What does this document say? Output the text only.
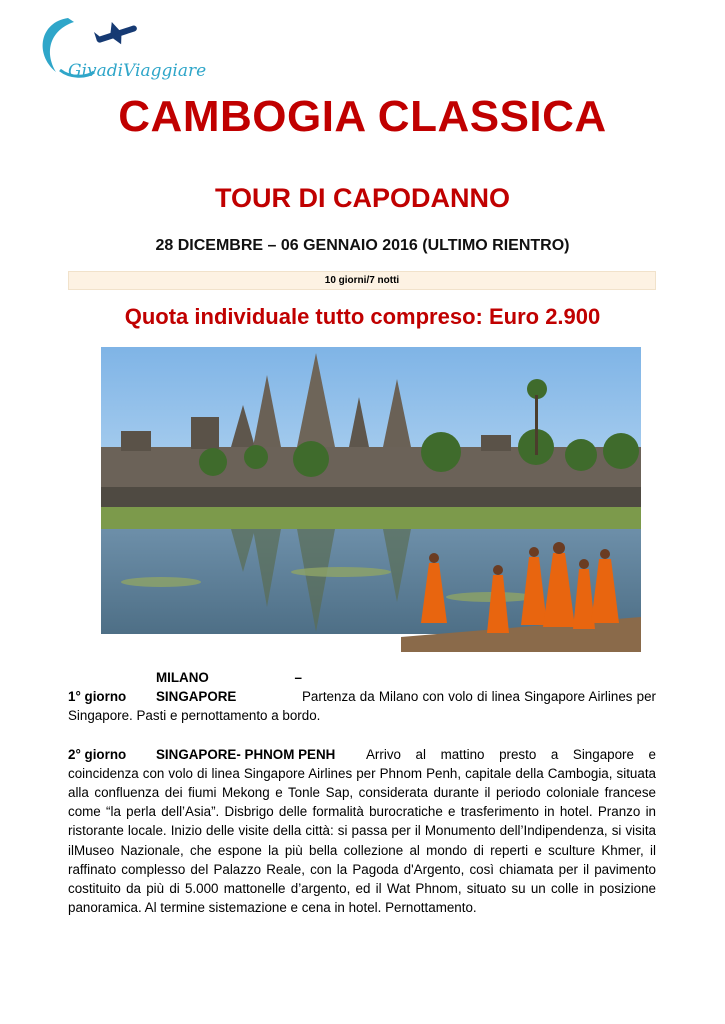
GivadiViaggiare
CAMBOGIA CLASSICA
TOUR DI CAPODANNO
28 DICEMBRE – 06 GENNAIO 2016 (ULTIMO RIENTRO)
10 giorni/7 notti
Quota individuale tutto compreso: Euro 2.900
1° giornoMILANO – SINGAPORE	Partenza da Milano con volo di linea Singapore Airlines per Singapore. Pasti e pernottamento a bordo.
2° giorno SINGAPORE- PHNOM PENH Arrivo al mattino presto a Singapore e coincidenza con volo di linea Singapore Airlines per Phnom Penh, capitale della Cambogia, situata alla confluenza dei fiumi Mekong e Tonle Sap, considerata durante il periodo coloniale francese come “la perla dell’Asia”. Disbrigo delle formalità burocratiche e trasferimento in hotel. Pranzo in ristorante locale. Inizio delle visite della città: si passa per il Monumento dell’Indipendenza, si visita ilMuseo Nazionale, che espone la più bella collezione al mondo di reperti e sculture Khmer, il raffinato complesso del Palazzo Reale, con la Pagoda d'Argento, così chiamata per il pavimento costituito da più di 5.000 mattonelle d’argento, ed il Wat Phnom, situato su un colle in posizione panoramica. Al termine sistemazione e cena in hotel. Pernottamento.
